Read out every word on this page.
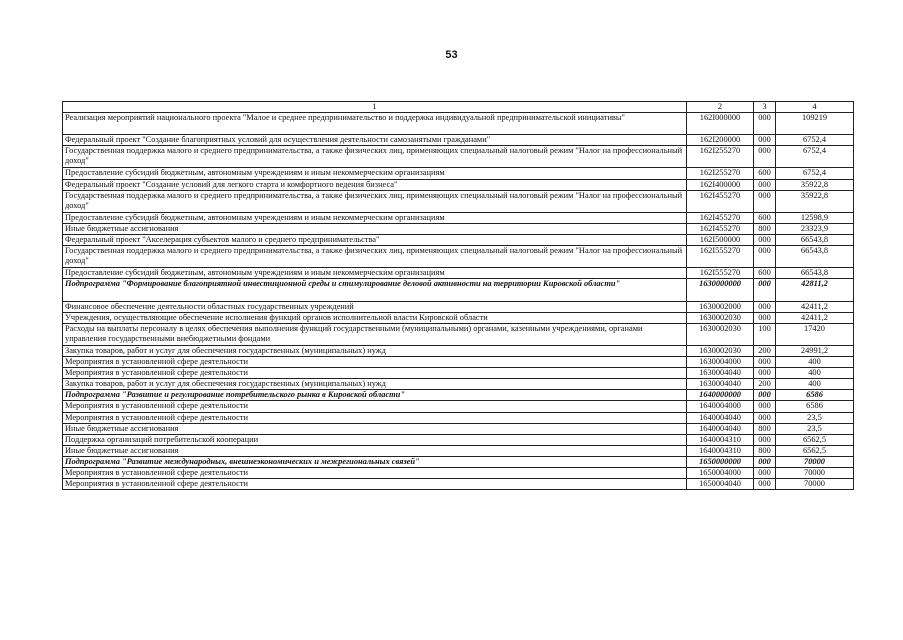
53
1	2	3	4
Реализация мероприятий национального проекта "Малое и среднее предпринимательство и поддержка индивидуальной предпринимательской инициативы"	162I000000	000	109219
Федеральный проект "Создание благоприятных условий для осуществления деятельности самозанятыми гражданами"	162I200000	000	6752,4
Государственная поддержка малого и среднего предпринимательства, а также физических лиц, применяющих специальный налоговый режим "Налог на профессиональный доход"	162I255270	000	6752,4
Предоставление субсидий бюджетным, автономным учреждениям и иным некоммерческим организациям	162I255270	600	6752,4
Федеральный проект "Создание условий для легкого старта и комфортного ведения бизнеса"	162I400000	000	35922,8
Государственная поддержка малого и среднего предпринимательства, а также физических лиц, применяющих специальный налоговый режим "Налог на профессиональный доход"	162I455270	000	35922,8
Предоставление субсидий бюджетным, автономным учреждениям и иным некоммерческим организациям	162I455270	600	12598,9
Иные бюджетные ассигнования	162I455270	800	23323,9
Федеральный проект "Акселерация субъектов малого и среднего предпринимательства"	162I500000	000	66543,8
Государственная поддержка малого и среднего предпринимательства, а также физических лиц, применяющих специальный налоговый режим "Налог на профессиональный доход"	162I555270	000	66543,8
Предоставление субсидий бюджетным, автономным учреждениям и иным некоммерческим организациям	162I555270	600	66543,8
Подпрограмма "Формирование благоприятной инвестиционной среды и стимулирование деловой активности на территории Кировской области"	1630000000	000	42811,2
Финансовое обеспечение деятельности областных государственных учреждений	1630002000	000	42411,2
Учреждения, осуществляющие обеспечение исполнения функций органов исполнительной власти Кировской области	1630002030	000	42411,2
Расходы на выплаты персоналу в целях обеспечения выполнения функций государственными (муниципальными) органами, казенными учреждениями, органами управления государственными внебюджетными фондами	1630002030	100	17420
Закупка товаров, работ и услуг для обеспечения государственных (муниципальных) нужд	1630002030	200	24991,2
Мероприятия в установленной сфере деятельности	1630004000	000	400
Мероприятия в установленной сфере деятельности	1630004040	000	400
Закупка товаров, работ и услуг для обеспечения государственных (муниципальных) нужд	1630004040	200	400
Подпрограмма "Развитие и регулирование потребительского рынка в Кировской области"	1640000000	000	6586
Мероприятия в установленной сфере деятельности	1640004000	000	6586
Мероприятия в установленной сфере деятельности	1640004040	000	23,5
Иные бюджетные ассигнования	1640004040	800	23,5
Поддержка организаций потребительской кооперации	1640004310	000	6562,5
Иные бюджетные ассигнования	1640004310	800	6562,5
Подпрограмма "Развитие международных, внешнеэкономических и межрегиональных связей"	1650000000	000	70000
Мероприятия в установленной сфере деятельности	1650004000	000	70000
Мероприятия в установленной сфере деятельности	1650004040	000	70000
